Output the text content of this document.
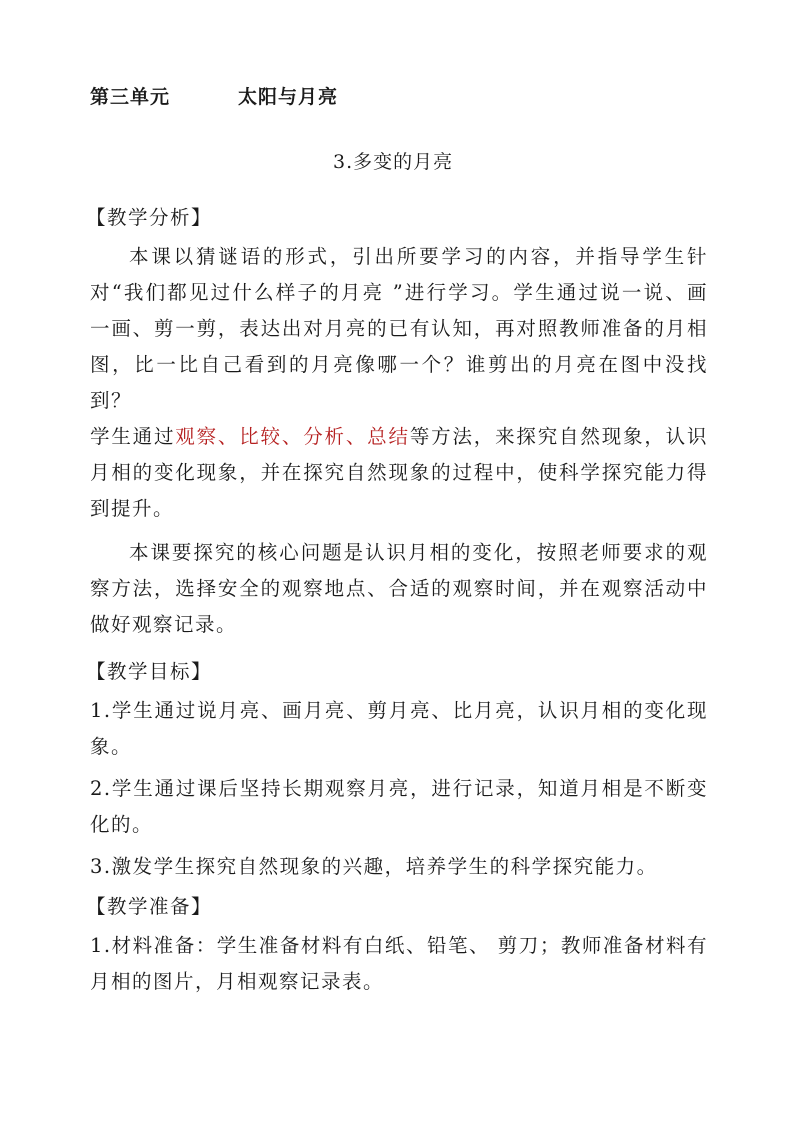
第三单元	太阳与月亮
3.多变的月亮
【教学分析】
本课以猜谜语的形式，引出所要学习的内容，并指导学生针对“我们都见过什么样子的月亮 ”进行学习。学生通过说一说、画一画、剪一剪，表达出对月亮的已有认知，再对照教师准备的月相图，比一比自己看到的月亮像哪一个？谁剪出的月亮在图中没找到？
学生通过观察、比较、分析、总结等方法，来探究自然现象，认识月相的变化现象，并在探究自然现象的过程中，使科学探究能力得到提升。
本课要探究的核心问题是认识月相的变化，按照老师要求的观察方法，选择安全的观察地点、合适的观察时间，并在观察活动中做好观察记录。
【教学目标】
1.学生通过说月亮、画月亮、剪月亮、比月亮，认识月相的变化现象。
2.学生通过课后坚持长期观察月亮，进行记录，知道月相是不断变化的。
3.激发学生探究自然现象的兴趣，培养学生的科学探究能力。
【教学准备】
1.材料准备：学生准备材料有白纸、铅笔、 剪刀；教师准备材料有月相的图片，月相观察记录表。
